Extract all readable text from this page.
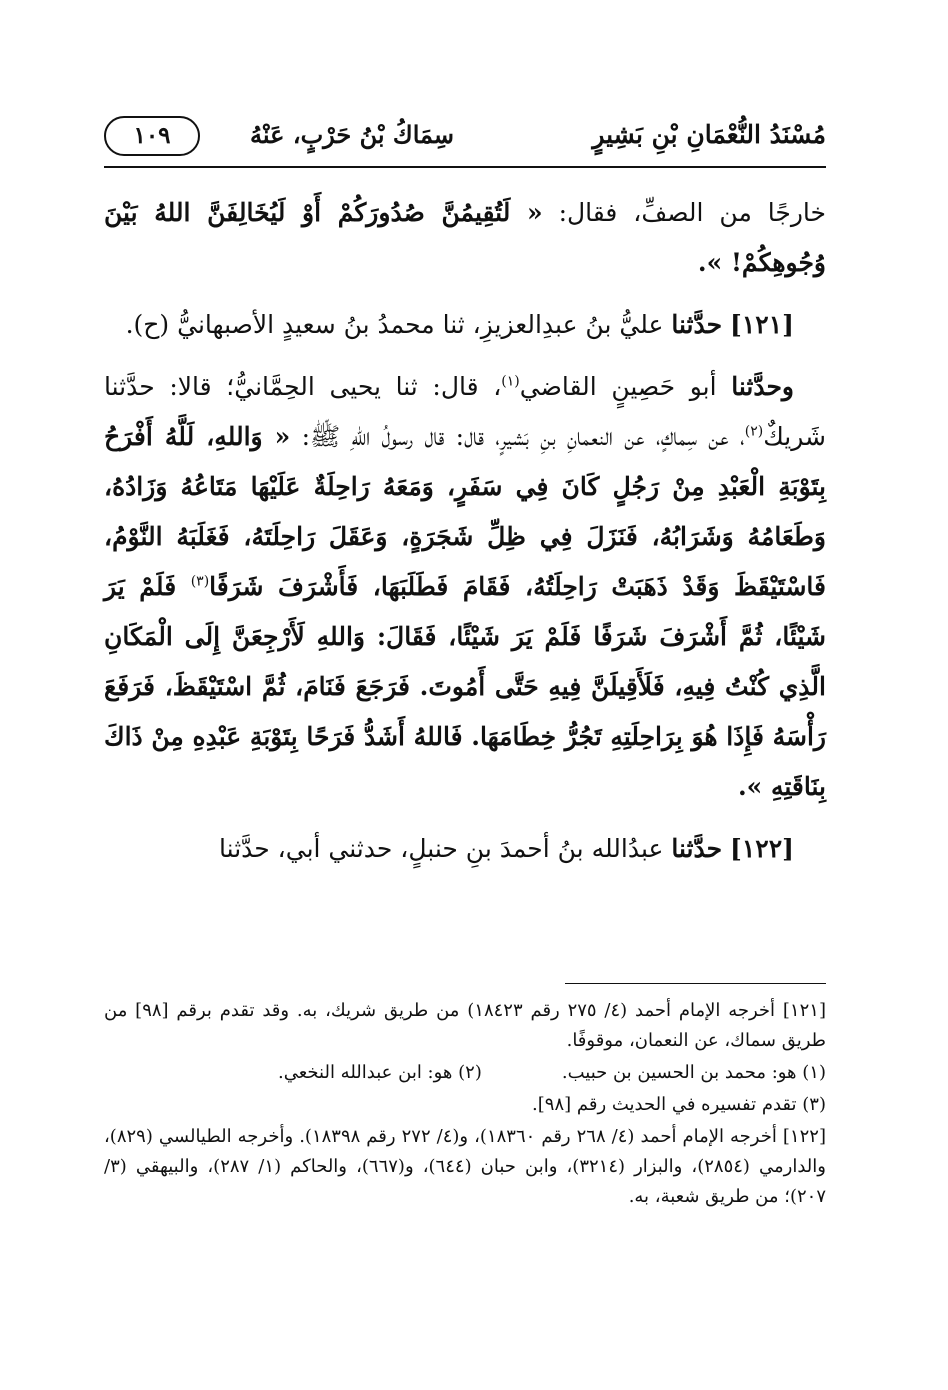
مُسْنَدُ النُّعْمَانِ بْنِ بَشِيرٍ
سِمَاكُ بْنُ حَرْبٍ، عَنْهُ
١٠٩

خارجًا من الصفِّ، فقال: « لَتُقِيمُنَّ صُدُورَكُمْ أَوْ لَيُخَالِفَنَّ اللهُ بَيْنَ وُجُوهِكُمْ! ».

[١٢١] حدَّثنا عليُّ بنُ عبدِالعزيزِ، ثنا محمدُ بنُ سعيدٍ الأصبهانيُّ (ح).

وحدَّثنا أبو حَصِينٍ القاضي$^{(١)}$، قال: ثنا يحيى الحِمَّانيُّ؛ قالا: حدَّثنا شَريكٌ$^{(٢)}$، عن سِماكٍ، عن النعمانِ بنِ بَشيرٍ، قال: قال رسولُ اللهِ ﷺ: « وَاللهِ، لَلَّهُ أَفْرَحُ بِتَوْبَةِ الْعَبْدِ مِنْ رَجُلٍ كَانَ فِي سَفَرٍ، وَمَعَهُ رَاحِلَةٌ عَلَيْهَا مَتَاعُهُ وَزَادُهُ، وَطَعَامُهُ وَشَرَابُهُ، فَنَزَلَ فِي ظِلِّ شَجَرَةٍ، وَعَقَلَ رَاحِلَتَهُ، فَغَلَبَهُ النَّوْمُ، فَاسْتَيْقَظَ وَقَدْ ذَهَبَتْ رَاحِلَتُهُ، فَقَامَ فَطَلَبَهَا، فَأَشْرَفَ شَرَفًا$^{(٣)}$ فَلَمْ يَرَ شَيْئًا، ثُمَّ أَشْرَفَ شَرَفًا فَلَمْ يَرَ شَيْئًا، فَقَالَ: وَاللهِ لَأَرْجِعَنَّ إِلَى الْمَكَانِ الَّذِي كُنْتُ فِيهِ، فَلَأَقِيلَنَّ فِيهِ حَتَّى أَمُوتَ. فَرَجَعَ فَنَامَ، ثُمَّ اسْتَيْقَظَ، فَرَفَعَ رَأْسَهُ فَإِذَا هُوَ بِرَاحِلَتِهِ تَجُرُّ خِطَامَهَا. فَاللهُ أَشَدُّ فَرَحًا بِتَوْبَةِ عَبْدِهِ مِنْ ذَاكَ بِنَاقَتِهِ ».

[١٢٢] حدَّثنا عبدُالله بنُ أحمدَ بنِ حنبلٍ، حدثني أبي، حدَّثنا

[١٢١] أخرجه الإمام أحمد (٤/ ٢٧٥ رقم ١٨٤٢٣) من طريق شريك، به. وقد تقدم برقم [٩٨] من طريق سماك، عن النعمان، موقوفًا.

(١) هو: محمد بن الحسين بن حبيب.
(٢) هو: ابن عبدالله النخعي.

(٣) تقدم تفسيره في الحديث رقم [٩٨].

[١٢٢] أخرجه الإمام أحمد (٤/ ٢٦٨ رقم ١٨٣٦٠)، و(٤/ ٢٧٢ رقم ١٨٣٩٨). وأخرجه الطيالسي (٨٢٩)، والدارمي (٢٨٥٤)، والبزار (٣٢١٤)، وابن حبان (٦٤٤)، و(٦٦٧)، والحاكم (١/ ٢٨٧)، والبيهقي (٣/ ٢٠٧)؛ من طريق شعبة، به.
